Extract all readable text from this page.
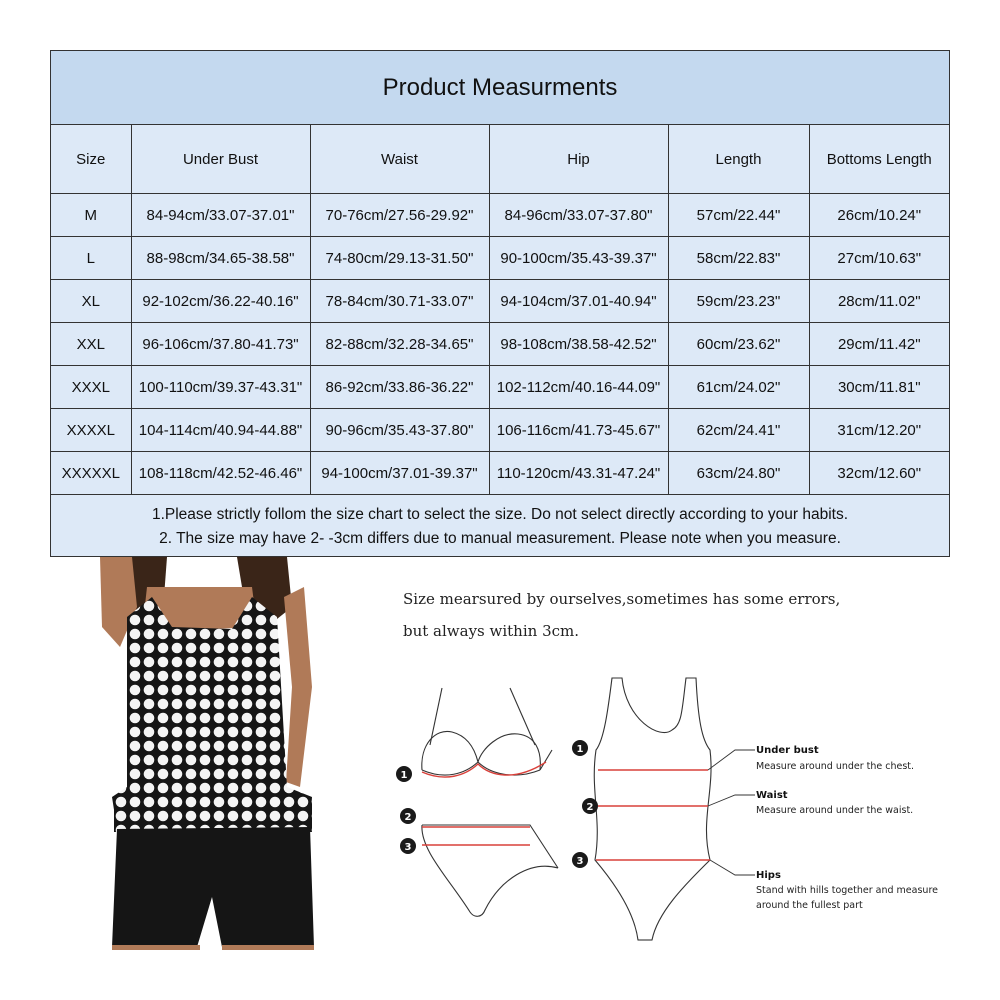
Product Measurments
Size	Under Bust	Waist	Hip	Length	Bottoms Length
M	84-94cm/33.07-37.01"	70-76cm/27.56-29.92"	84-96cm/33.07-37.80"	57cm/22.44"	26cm/10.24"
L	88-98cm/34.65-38.58"	74-80cm/29.13-31.50"	90-100cm/35.43-39.37"	58cm/22.83"	27cm/10.63"
XL	92-102cm/36.22-40.16"	78-84cm/30.71-33.07"	94-104cm/37.01-40.94"	59cm/23.23"	28cm/11.02"
XXL	96-106cm/37.80-41.73"	82-88cm/32.28-34.65"	98-108cm/38.58-42.52"	60cm/23.62"	29cm/11.42"
XXXL	100-110cm/39.37-43.31"	86-92cm/33.86-36.22"	102-112cm/40.16-44.09"	61cm/24.02"	30cm/11.81"
XXXXL	104-114cm/40.94-44.88"	90-96cm/35.43-37.80"	106-116cm/41.73-45.67"	62cm/24.41"	31cm/12.20"
XXXXXL	108-118cm/42.52-46.46"	94-100cm/37.01-39.37"	110-120cm/43.31-47.24"	63cm/24.80"	32cm/12.60"
1.Please strictly follom the size chart to select the size. Do not select directly according to your habits.
2. The size may have 2- -3cm differs due to manual measurement. Please note when you measure.
Size mearsured by ourselves,sometimes has some errors,
but always within 3cm.
1
2
3
1
2
3
Under bust
Measure around under the chest.
Waist
Measure around under the waist.
Hips
Stand with hills together and measure
around the fullest part
